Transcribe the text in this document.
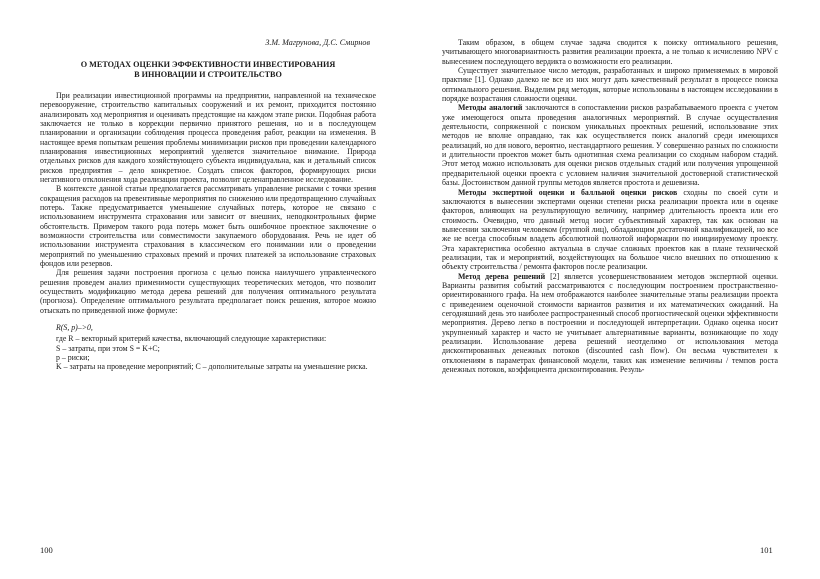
З.М. Магрунова, Д.С. Смирнов
О МЕТОДАХ ОЦЕНКИ ЭФФЕКТИВНОСТИ ИНВЕСТИРОВАНИЯ
В ИННОВАЦИИ И СТРОИТЕЛЬСТВО

При реализации инвестиционной программы на предприятии, направленной на техническое перевооружение, строительство капитальных сооружений и их ремонт, приходится постоянно анализировать ход мероприятия и оценивать предстоящие на каждом этапе риски. Подобная работа заключается не только в коррекции первично принятого решения, но и в последующем планировании и организации соблюдения процесса проведения работ, реакции на изменения. В настоящее время попыткам решения проблемы минимизации рисков при проведении календарного планирования инвестиционных мероприятий уделяется значительное внимание. Природа отдельных рисков для каждого хозяйствующего субъекта индивидуальна, как и детальный список рисков предприятия – дело конкретное. Создать список факторов, формирующих риски негативного отклонения хода реализации проекта, позволит целенаправленное исследование.

В контексте данной статьи предполагается рассматривать управление рисками с точки зрения сокращения расходов на превентивные мероприятия по снижению или предотвращению случайных потерь. Также предусматривается уменьшение случайных потерь, которое не связано с использованием инструмента страхования или зависит от внешних, неподконтрольных фирме обстоятельств. Примером такого рода потерь может быть ошибочное проектное заключение о возможности строительства или совместимости закупаемого оборудования. Речь не идет об использовании инструмента страхования в классическом его понимании или о проведении мероприятий по уменьшению страховых премий и прочих платежей за использование страховых фондов или резервов.

Для решения задачи построения прогноза с целью поиска наилучшего управленческого решения проведем анализ применимости существующих теоретических методов, что позволит осуществить модификацию метода дерева решений для получения оптимального результата (прогноза). Определение оптимального результата предполагает поиск решения, которое можно отыскать по приведенной ниже формуле:

R(S, p)–>0,
где R – векторный критерий качества, включающий следующие характеристики:
S – затраты, при этом S = K+C;
p – риски;
K – затраты на проведение мероприятий; C – дополнительные затраты на уменьшение риска.

Таким образом, в общем случае задача сводится к поиску оптимального решения, учитывающего многовариантность развития реализации проекта, а не только к исчислению NPV с вынесением последующего вердикта о возможности его реализации.

Существует значительное число методик, разработанных и широко применяемых в мировой практике [1]. Однако далеко не все из них могут дать качественный результат в процессе поиска оптимального решения. Выделим ряд методик, которые использованы в настоящем исследовании в порядке возрастания сложности оценки.

Методы аналогий заключаются в сопоставлении рисков разрабатываемого проекта с учетом уже имеющегося опыта проведения аналогичных мероприятий. В случае осуществления деятельности, сопряженной с поиском уникальных проектных решений, использование этих методов не вполне оправдано, так как осуществляется поиск аналогий среди имеющихся реализаций, но для нового, вероятно, нестандартного решения. У совершенно разных по сложности и длительности проектов может быть однотипная схема реализации со сходным набором стадий. Этот метод можно использовать для оценки рисков отдельных стадий или получения упрощенной предварительной оценки проекта с условием наличия значительной достоверной статистической базы. Достоинством данной группы методов является простота и дешевизна.

Методы экспертной оценки и балльной оценки рисков сходны по своей сути и заключаются в вынесении экспертами оценки степени риска реализации проекта или в оценке факторов, влияющих на результирующую величину, например длительность проекта или его стоимость. Очевидно, что данный метод носит субъективный характер, так как основан на вынесении заключения человеком (группой лиц), обладающим достаточной квалификацией, но все же не всегда способным владеть абсолютной полнотой информации по инициируемому проекту. Эта характеристика особенно актуальна в случае сложных проектов как в плане технической реализации, так и мероприятий, воздействующих на большое число внешних по отношению к объекту строительства / ремонта факторов после реализации.

Метод дерева решений [2] является усовершенствованием методов экспертной оценки. Варианты развития событий рассматриваются с последующим построением пространственно-ориентированного графа. На нем отображаются наиболее значительные этапы реализации проекта с приведением оценочной стоимости вариантов развития и их математических ожиданий. На сегодняшний день это наиболее распространенный способ прогностической оценки эффективности мероприятия. Дерево легко в построении и последующей интерпретации. Однако оценка носит укрупненный характер и часто не учитывает альтернативные варианты, возникающие по ходу реализации. Использование дерева решений неотделимо от использования метода дисконтированных денежных потоков (discounted cash flow). Он весьма чувствителен к отклонениям в параметрах финансовой модели, таких как изменение величины / темпов роста денежных потоков, коэффициента дисконтирования. Резуль-

100	101
